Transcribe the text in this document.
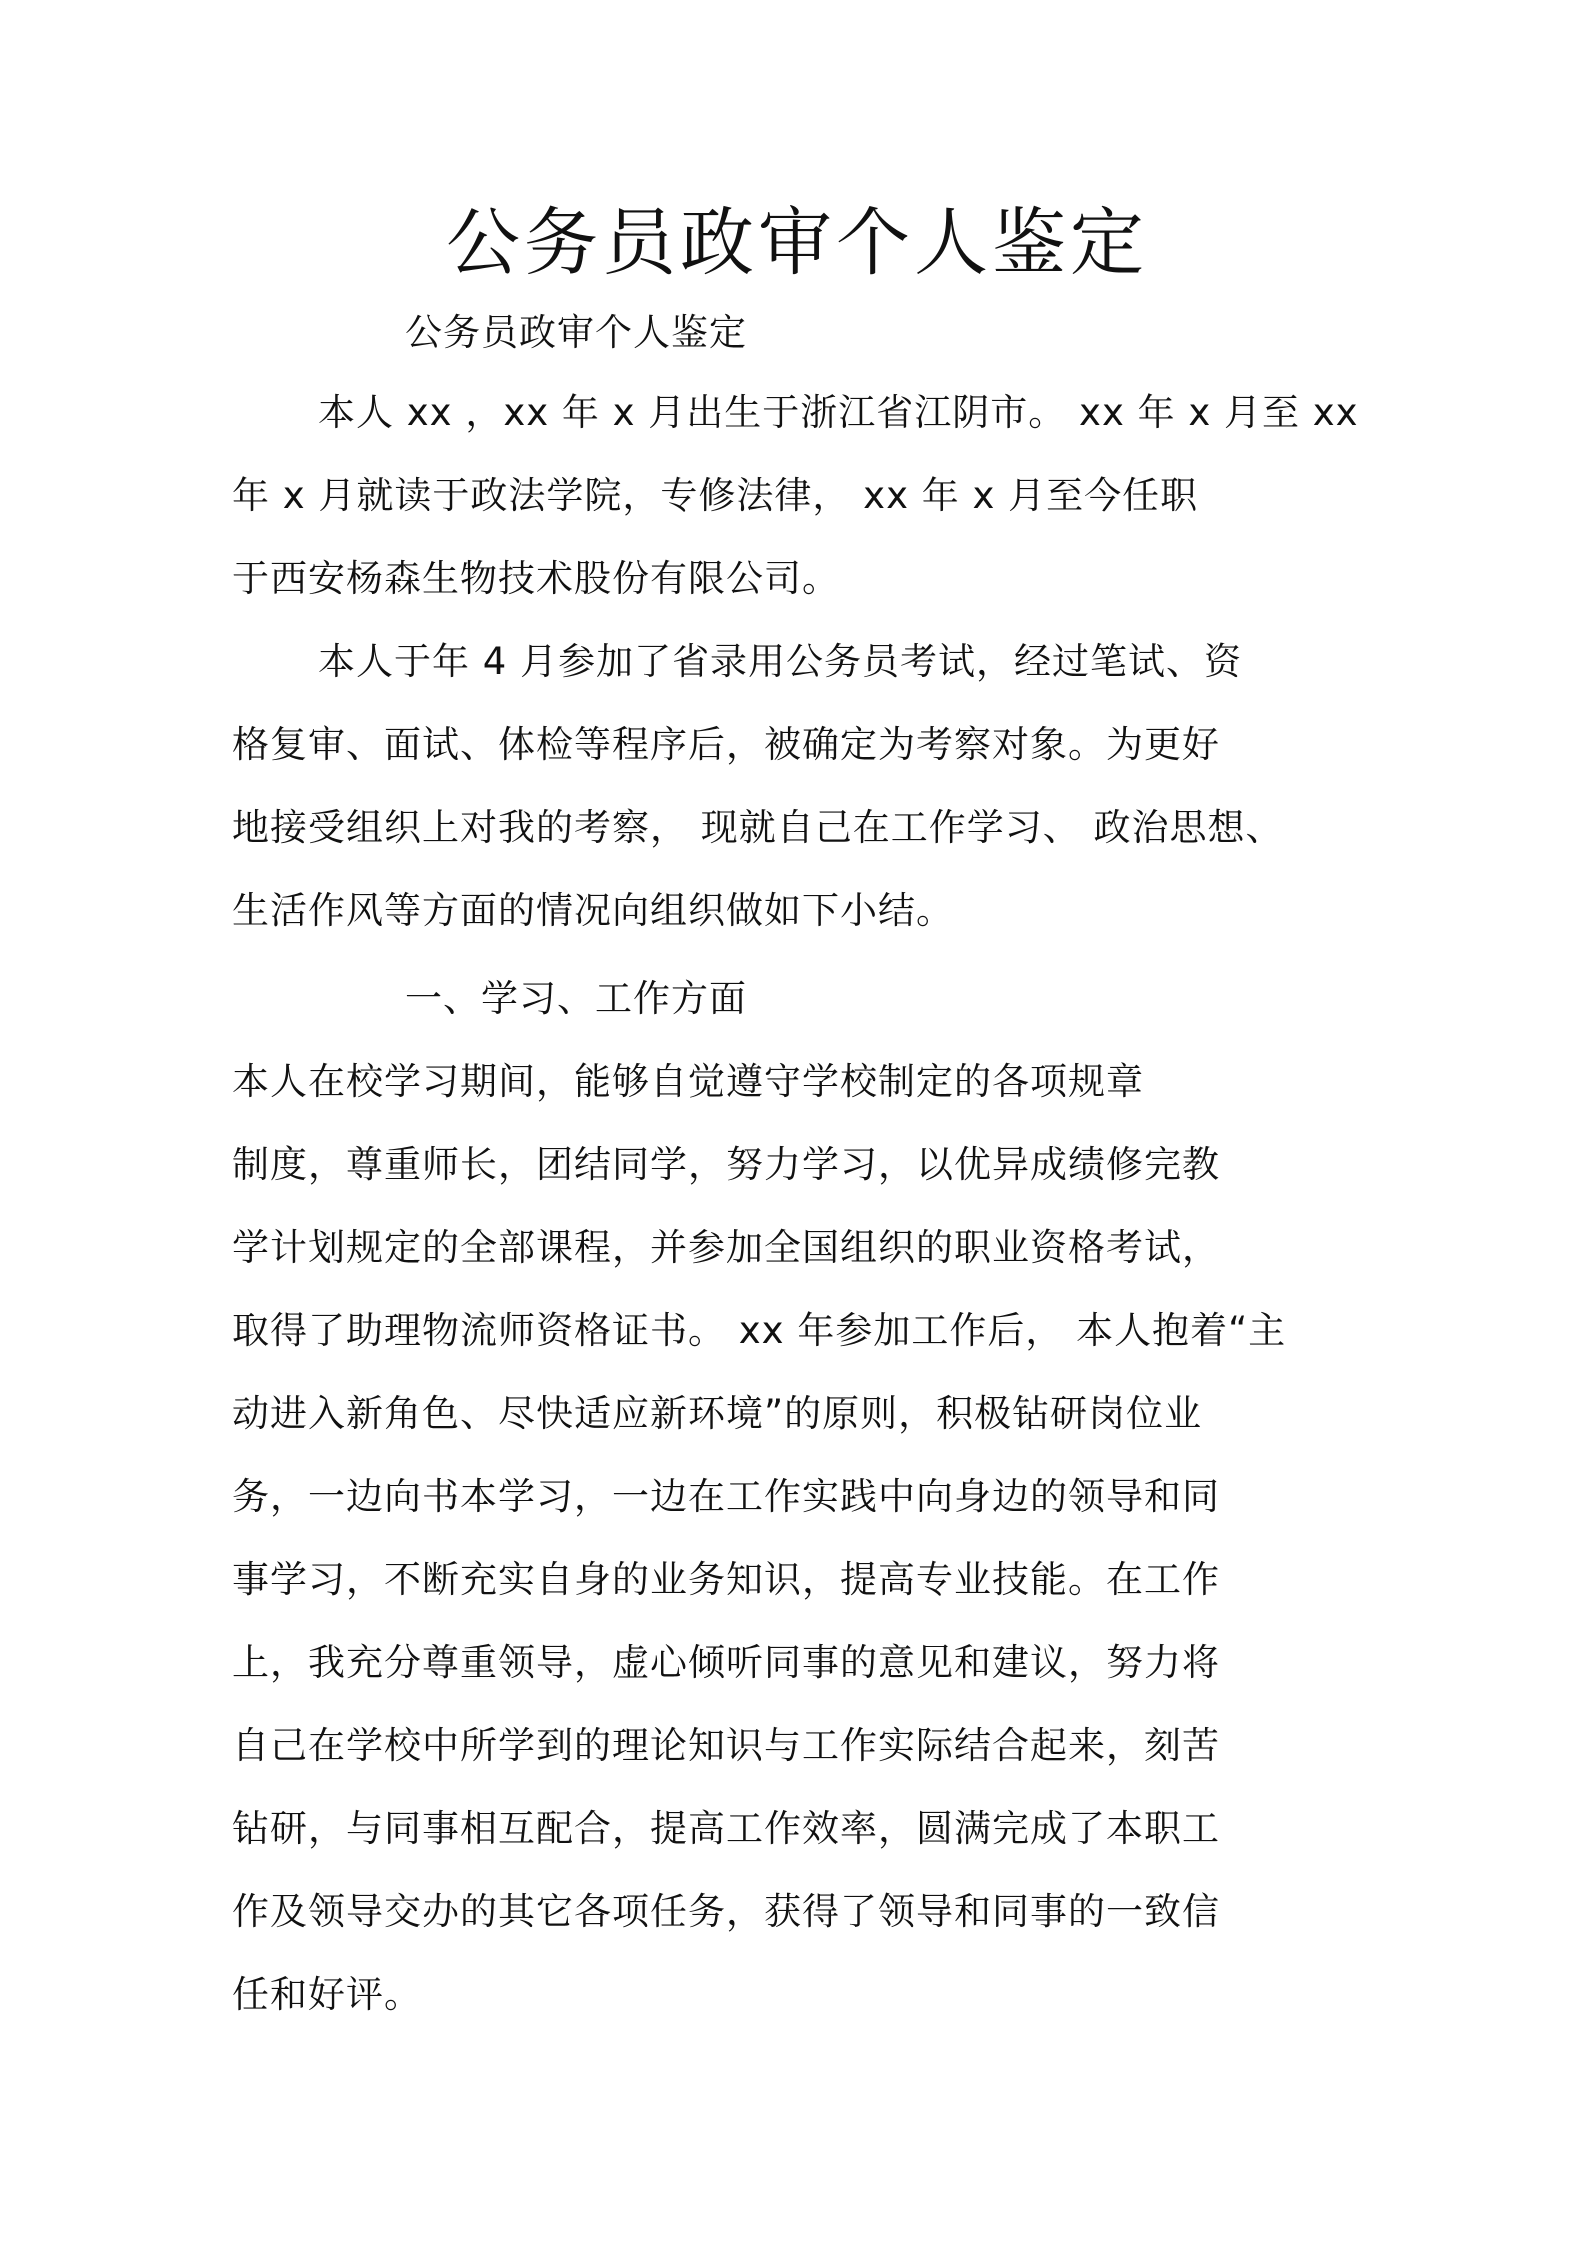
公务员政审个人鉴定
公务员政审个人鉴定
本人 xx ，xx 年 x 月出生于浙江省江阴市。 xx 年 x 月至 xx
年 x 月就读于政法学院，专修法律， xx 年 x 月至今任职
于西安杨森生物技术股份有限公司。
本人于年 4 月参加了省录用公务员考试，经过笔试、资
格复审、面试、体检等程序后，被确定为考察对象。为更好
地接受组织上对我的考察， 现就自己在工作学习、 政治思想、
生活作风等方面的情况向组织做如下小结。
一、学习、工作方面
本人在校学习期间，能够自觉遵守学校制定的各项规章
制度，尊重师长，团结同学，努力学习，以优异成绩修完教
学计划规定的全部课程，并参加全国组织的职业资格考试，
取得了助理物流师资格证书。 xx 年参加工作后， 本人抱着“主
动进入新角色、尽快适应新环境”的原则，积极钻研岗位业
务，一边向书本学习，一边在工作实践中向身边的领导和同
事学习，不断充实自身的业务知识，提高专业技能。在工作
上，我充分尊重领导，虚心倾听同事的意见和建议，努力将
自己在学校中所学到的理论知识与工作实际结合起来，刻苦
钻研，与同事相互配合，提高工作效率，圆满完成了本职工
作及领导交办的其它各项任务，获得了领导和同事的一致信
任和好评。
